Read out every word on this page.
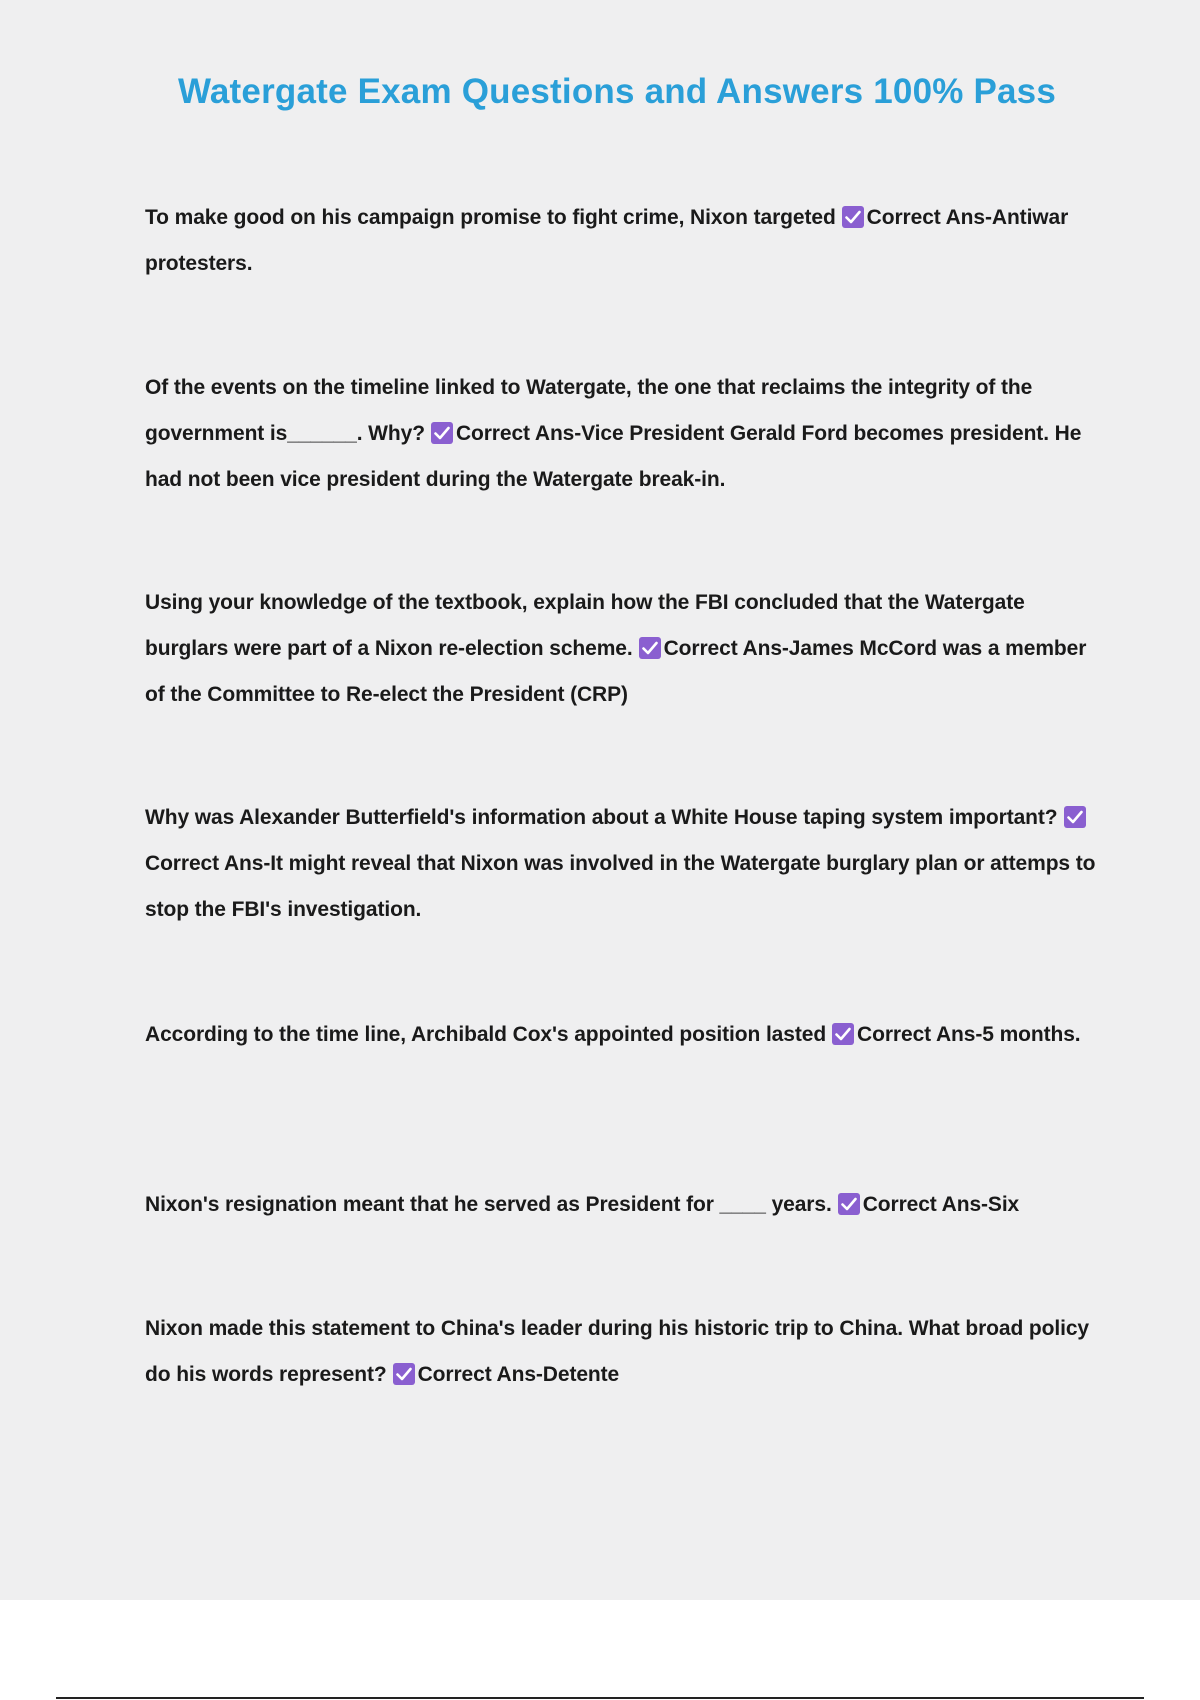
Watergate Exam Questions and Answers 100% Pass

To make good on his campaign promise to fight crime, Nixon targeted Correct Ans-Antiwar protesters.

Of the events on the timeline linked to Watergate, the one that reclaims the integrity of the government is______. Why? Correct Ans-Vice President Gerald Ford becomes president. He had not been vice president during the Watergate break-in.

Using your knowledge of the textbook, explain how the FBI concluded that the Watergate burglars were part of a Nixon re-election scheme. Correct Ans-James McCord was a member of the Committee to Re-elect the President (CRP)

Why was Alexander Butterfield's information about a White House taping system important?
Correct Ans-It might reveal that Nixon was involved in the Watergate burglary plan or attemps to stop the FBI's investigation.

According to the time line, Archibald Cox's appointed position lasted Correct Ans-5 months.

Nixon's resignation meant that he served as President for ____ years. Correct Ans-Six

Nixon made this statement to China's leader during his historic trip to China. What broad policy do his words represent? Correct Ans-Detente
